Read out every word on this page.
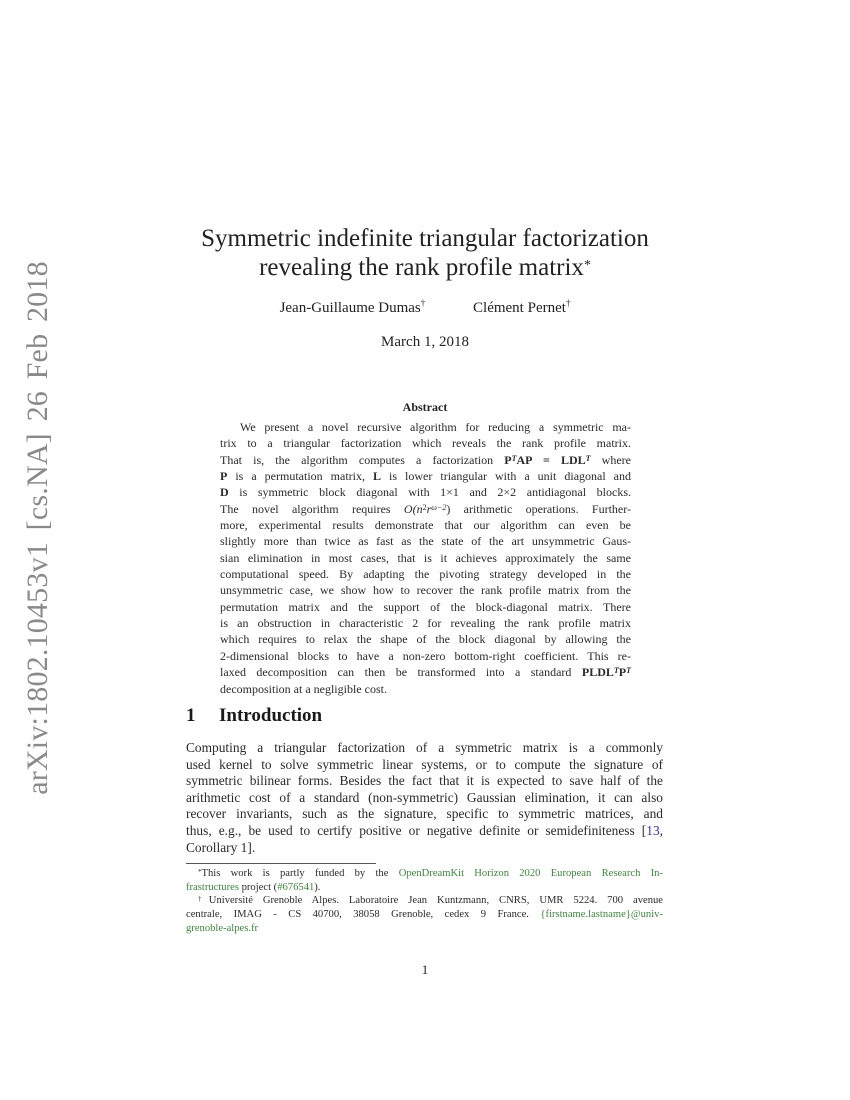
arXiv:1802.10453v1 [cs.NA] 26 Feb 2018
Symmetric indefinite triangular factorization
revealing the rank profile matrix*
Jean-Guillaume Dumas†	Clément Pernet†
March 1, 2018
Abstract
We present a novel recursive algorithm for reducing a symmetric ma-
trix to a triangular factorization which reveals the rank profile matrix.
That is, the algorithm computes a factorization $P^TAP = LDL^T$ where
P is a permutation matrix, L is lower triangular with a unit diagonal and
D is symmetric block diagonal with 1×1 and 2×2 antidiagonal blocks.
The novel algorithm requires $O(n^2r^{\omega-2})$ arithmetic operations. Further-
more, experimental results demonstrate that our algorithm can even be
slightly more than twice as fast as the state of the art unsymmetric Gaus-
sian elimination in most cases, that is it achieves approximately the same
computational speed. By adapting the pivoting strategy developed in the
unsymmetric case, we show how to recover the rank profile matrix from the
permutation matrix and the support of the block-diagonal matrix. There
is an obstruction in characteristic 2 for revealing the rank profile matrix
which requires to relax the shape of the block diagonal by allowing the
2-dimensional blocks to have a non-zero bottom-right coefficient. This re-
laxed decomposition can then be transformed into a standard $PLDL^TP^T$
decomposition at a negligible cost.
1 Introduction
Computing a triangular factorization of a symmetric matrix is a commonly
used kernel to solve symmetric linear systems, or to compute the signature of
symmetric bilinear forms. Besides the fact that it is expected to save half of the
arithmetic cost of a standard (non-symmetric) Gaussian elimination, it can also
recover invariants, such as the signature, specific to symmetric matrices, and
thus, e.g., be used to certify positive or negative definite or semidefiniteness [13,
Corollary 1].
*This work is partly funded by the OpenDreamKit Horizon 2020 European Research In-
frastructures project (#676541).
†Université Grenoble Alpes. Laboratoire Jean Kuntzmann, CNRS, UMR 5224. 700 avenue
centrale, IMAG - CS 40700, 38058 Grenoble, cedex 9 France. {firstname.lastname}@univ-
grenoble-alpes.fr
1
